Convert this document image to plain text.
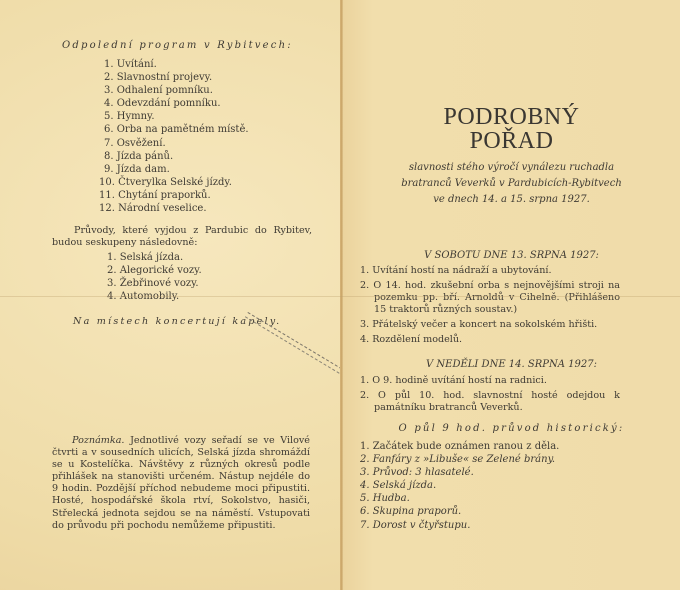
Odpolední program v Rybitvech:
1. Uvítání.
2. Slavnostní projevy.
3. Odhalení pomníku.
4. Odevzdání pomníku.
5. Hymny.
6. Orba na pamětném místě.
7. Osvěžení.
8. Jízda pánů.
9. Jízda dam.
10. Čtverylka Selské jízdy.
11. Chytání praporků.
12. Národní veselice.
Průvody, které vyjdou z Pardubic do Rybitev, budou seskupeny následovně:
1. Selská jízda.
2. Alegorické vozy.
3. Žebřinové vozy.
4. Automobily.
Na místech koncertují kapely.
Poznámka. Jednotlivé vozy seřadí se ve Vilové čtvrti a v sousedních ulicích, Selská jízda shromáždí se u Kostelíčka. Návštěvy z různých okresů podle přihlášek na stanovišti určeném. Nástup nejdéle do 9 hodin. Pozdější příchod nebudeme moci připustiti. Hosté, hospodářské škola rtví, Sokolstvo, hasiči, Střelecká jednota sejdou se na náměstí. Vstupovati do průvodu při pochodu nemůžeme připustiti.
PODROBNÝ
POŘAD
slavnosti stého výročí vynálezu ruchadla
bratranců Veverků v Pardubicích-Rybitvech
ve dnech 14. a 15. srpna 1927.
V SOBOTU DNE 13. SRPNA 1927:
1. Uvítání hostí na nádraží a ubytování.
2. O 14. hod. zkušební orba s nejnovějšími stroji na pozemku pp. bří. Arnoldů v Cihelně. (Přihlášeno 15 traktorů různých soustav.)
3. Přátelský večer a koncert na sokolském hřišti.
4. Rozdělení modelů.
V NEDĚLI DNE 14. SRPNA 1927:
1. O 9. hodině uvítání hostí na radnici.
2. O půl 10. hod. slavnostní hosté odejdou k památníku bratranců Veverků.
O půl 9 hod. průvod historický:
1. Začátek bude oznámen ranou z děla.
2. Fanfáry z »Libuše« se Zelené brány.
3. Průvod: 3 hlasatelé.
4. Selská jízda.
5. Hudba.
6. Skupina praporů.
7. Dorost v čtyřstupu.
